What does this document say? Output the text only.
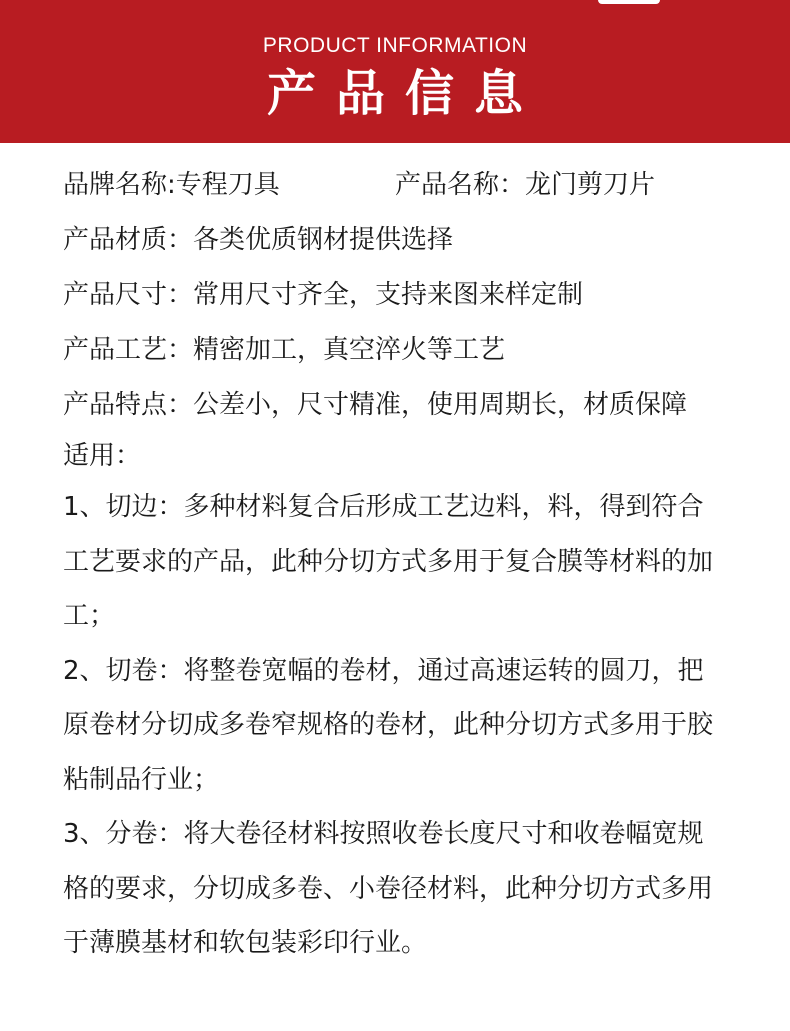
PRODUCT INFORMATION
产品信息
品牌名称:专程刀具	产品名称：龙门剪刀片
产品材质：各类优质钢材提供选择
产品尺寸：常用尺寸齐全，支持来图来样定制
产品工艺：精密加工，真空淬火等工艺
产品特点：公差小，尺寸精准，使用周期长，材质保障
适用：
1、切边：多种材料复合后形成工艺边料，料，得到符合工艺要求的产品，此种分切方式多用于复合膜等材料的加工；
2、切卷：将整卷宽幅的卷材，通过高速运转的圆刀，把原卷材分切成多卷窄规格的卷材，此种分切方式多用于胶粘制品行业；
3、分卷：将大卷径材料按照收卷长度尺寸和收卷幅宽规格的要求，分切成多卷、小卷径材料，此种分切方式多用于薄膜基材和软包装彩印行业。
